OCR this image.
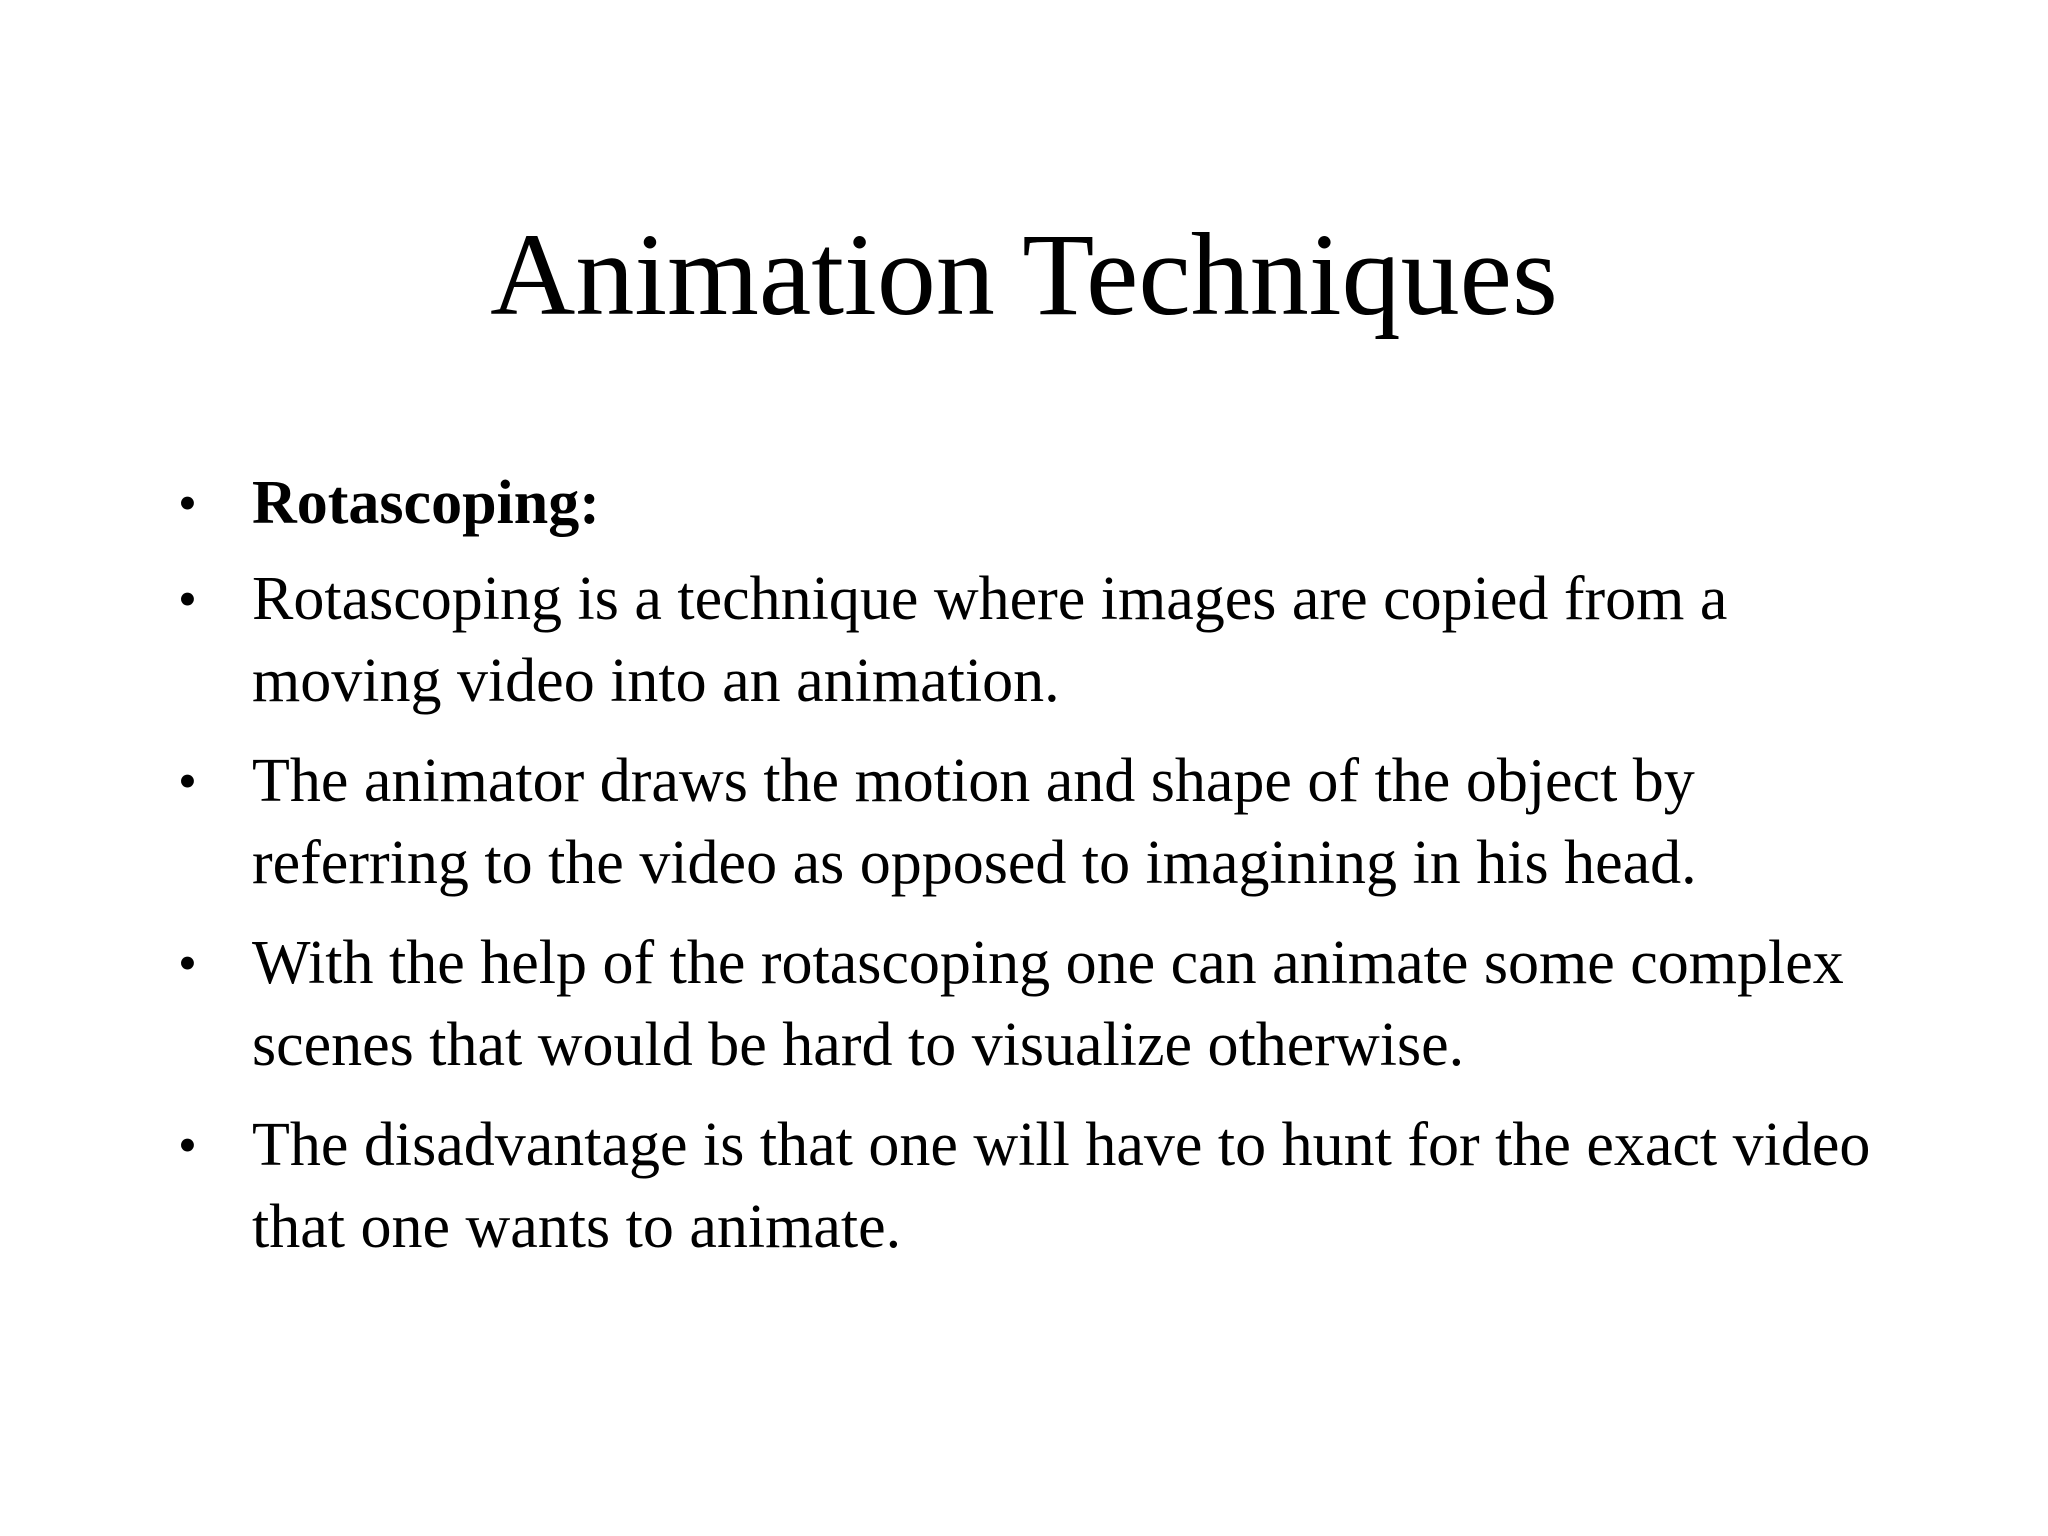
Animation Techniques
• Rotascoping:
• Rotascoping is a technique where images are copied from a moving video into an animation.
• The animator draws the motion and shape of the object by referring to the video as opposed to imagining in his head.
• With the help of the rotascoping one can animate some complex scenes that would be hard to visualize otherwise.
• The disadvantage is that one will have to hunt for the exact video that one wants to animate.
